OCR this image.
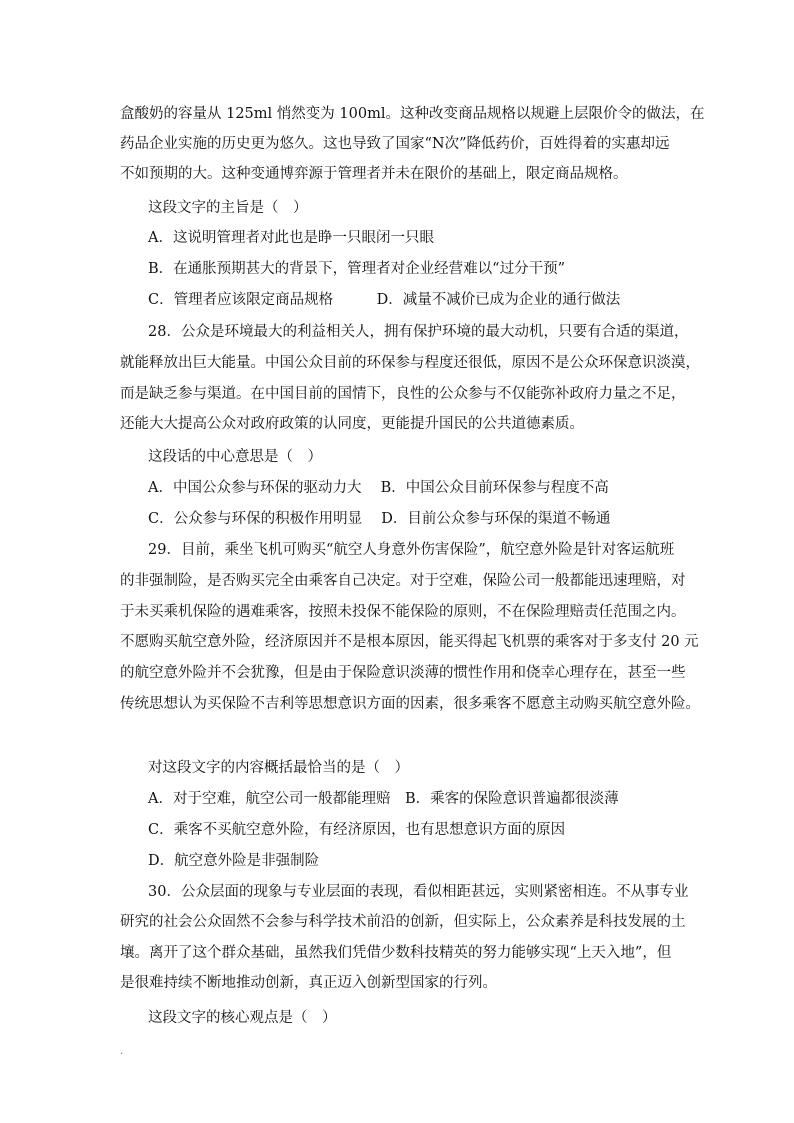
盒酸奶的容量从 125ml 悄然变为 100ml。这种改变商品规格以规避上层限价令的做法，在
药品企业实施的历史更为悠久。这也导致了国家“N次”降低药价，百姓得着的实惠却远
不如预期的大。这种变通博弈源于管理者并未在限价的基础上，限定商品规格。
这段文字的主旨是（　）
A．这说明管理者对此也是睁一只眼闭一只眼
B．在通胀预期甚大的背景下，管理者对企业经营难以“过分干预”
C．管理者应该限定商品规格　　　D．减量不减价已成为企业的通行做法
28．公众是环境最大的利益相关人，拥有保护环境的最大动机，只要有合适的渠道，
就能释放出巨大能量。中国公众目前的环保参与程度还很低，原因不是公众环保意识淡漠，
而是缺乏参与渠道。在中国目前的国情下，良性的公众参与不仅能弥补政府力量之不足，
还能大大提高公众对政府政策的认同度，更能提升国民的公共道德素质。
这段话的中心意思是（　）
A．中国公众参与环保的驱动力大　 B．中国公众目前环保参与程度不高
C．公众参与环保的积极作用明显　 D．目前公众参与环保的渠道不畅通
29．目前，乘坐飞机可购买“航空人身意外伤害保险”，航空意外险是针对客运航班
的非强制险，是否购买完全由乘客自己决定。对于空难，保险公司一般都能迅速理赔，对
于未买乘机保险的遇难乘客，按照未投保不能保险的原则，不在保险理赔责任范围之内。
不愿购买航空意外险，经济原因并不是根本原因，能买得起飞机票的乘客对于多支付 20 元
的航空意外险并不会犹豫，但是由于保险意识淡薄的惯性作用和侥幸心理存在，甚至一些
传统思想认为买保险不吉利等思想意识方面的因素，很多乘客不愿意主动购买航空意外险。
对这段文字的内容概括最恰当的是（　）
A．对于空难，航空公司一般都能理赔　B．乘客的保险意识普遍都很淡薄
C．乘客不买航空意外险，有经济原因，也有思想意识方面的原因
D．航空意外险是非强制险
30．公众层面的现象与专业层面的表现，看似相距甚远，实则紧密相连。不从事专业
研究的社会公众固然不会参与科学技术前沿的创新，但实际上，公众素养是科技发展的土
壤。离开了这个群众基础，虽然我们凭借少数科技精英的努力能够实现“上天入地”，但
是很难持续不断地推动创新，真正迈入创新型国家的行列。
这段文字的核心观点是（　）
.
